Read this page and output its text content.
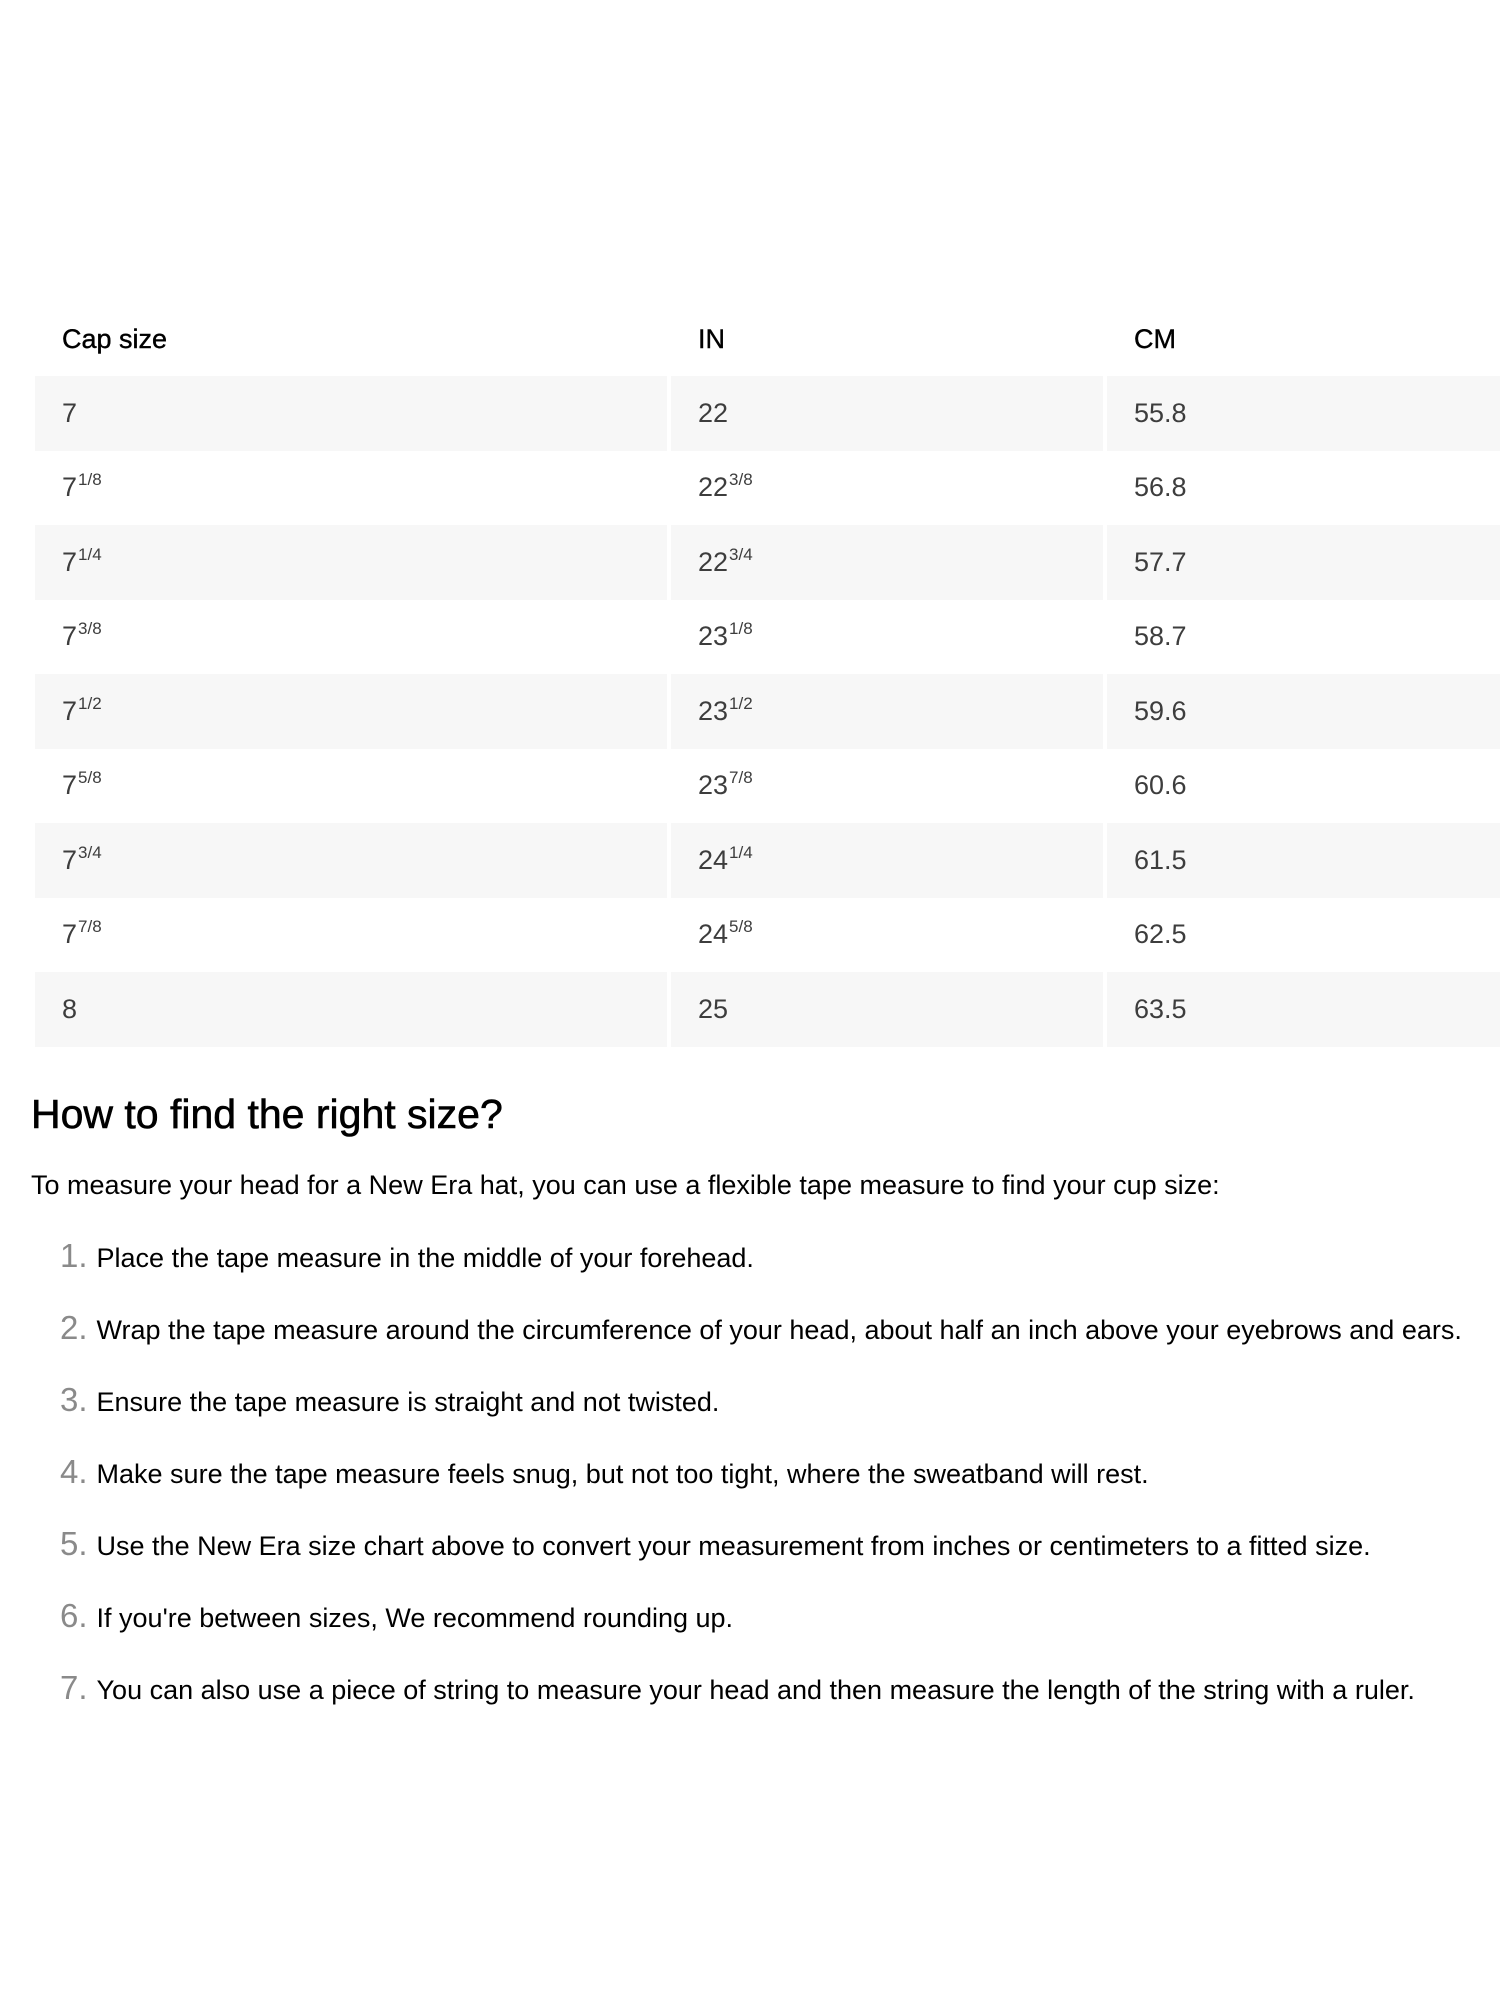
Cap size	IN	CM
7	22	55.8
$7^{1/8}$	$22^{3/8}$	56.8
$7^{1/4}$	$22^{3/4}$	57.7
$7^{3/8}$	$23^{1/8}$	58.7
$7^{1/2}$	$23^{1/2}$	59.6
$7^{5/8}$	$23^{7/8}$	60.6
$7^{3/4}$	$24^{1/4}$	61.5
$7^{7/8}$	$24^{5/8}$	62.5
8	25	63.5
How to find the right size?

To measure your head for a New Era hat, you can use a flexible tape measure to find your cup size:

1. Place the tape measure in the middle of your forehead.
2. Wrap the tape measure around the circumference of your head, about half an inch above your eyebrows and ears.
3. Ensure the tape measure is straight and not twisted.
4. Make sure the tape measure feels snug, but not too tight, where the sweatband will rest.
5. Use the New Era size chart above to convert your measurement from inches or centimeters to a fitted size.
6. If you're between sizes, We recommend rounding up.
7. You can also use a piece of string to measure your head and then measure the length of the string with a ruler.
